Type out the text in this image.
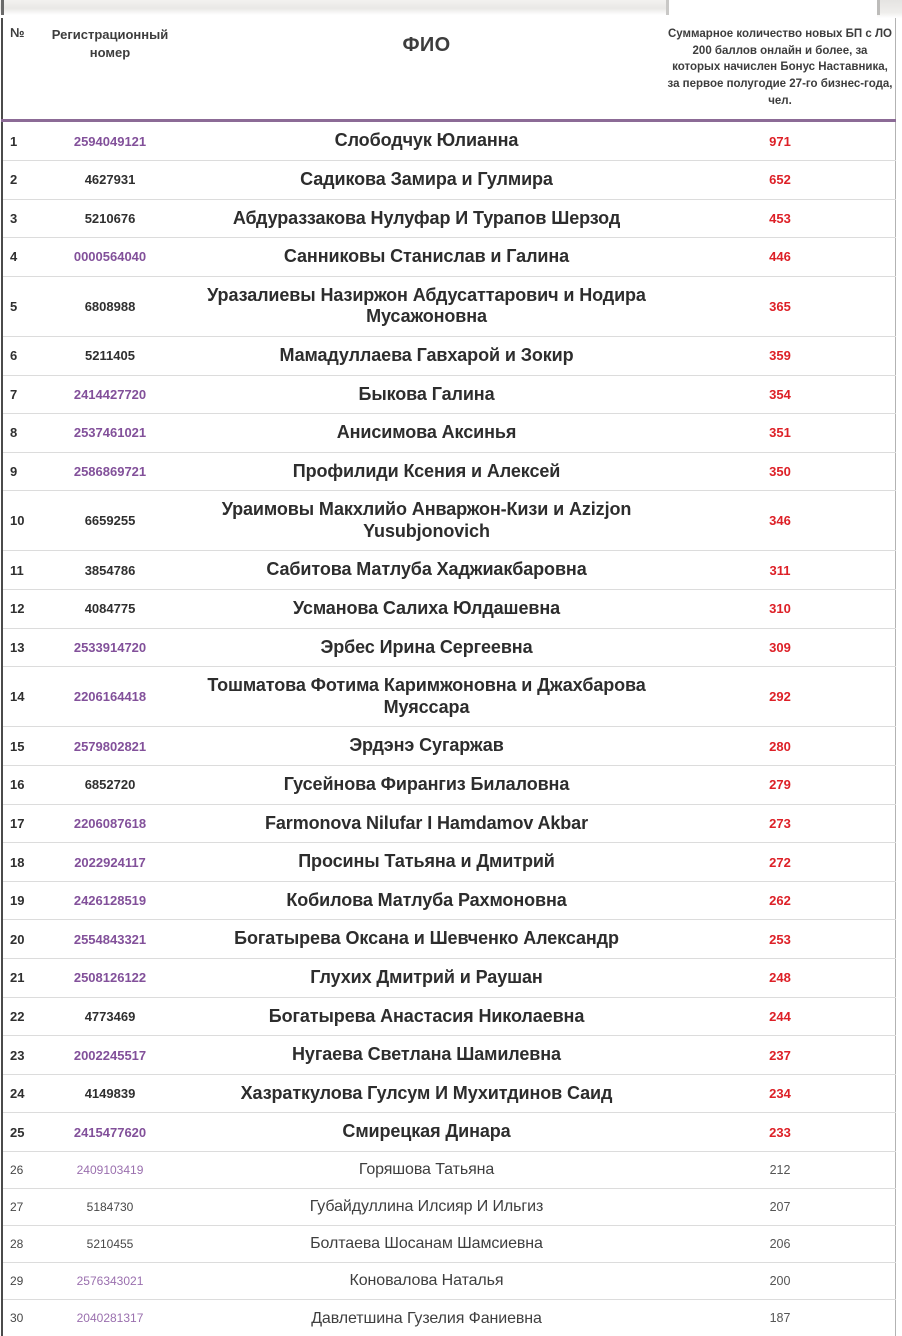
№	Регистрационный номер	ФИО	Суммарное количество новых БП с ЛО 200 баллов онлайн и более, за которых начислен Бонус Наставника, за первое полугодие 27-го бизнес-года, чел.
1	2594049121	Слободчук Юлианна	971
2	4627931	Садикова Замира и Гулмира	652
3	5210676	Абдураззакова Нулуфар И Турапов Шерзод	453
4	0000564040	Санниковы Станислав и Галина	446
5	6808988	Уразалиевы Назиржон Абдусаттарович и Нодира Мусажоновна	365
6	5211405	Мамадуллаева Гавхарой и Зокир	359
7	2414427720	Быкова Галина	354
8	2537461021	Анисимова Аксинья	351
9	2586869721	Профилиди Ксения и Алексей	350
10	6659255	Ураимовы Макхлийо Анваржон-Кизи и Azizjon Yusubjonovich	346
11	3854786	Сабитова Матлуба Хаджиакбаровна	311
12	4084775	Усманова Салиха Юлдашевна	310
13	2533914720	Эрбес Ирина Сергеевна	309
14	2206164418	Тошматова Фотима Каримжоновна и Джахбарова Муяссара	292
15	2579802821	Эрдэнэ Сугаржав	280
16	6852720	Гусейнова Фирангиз Билаловна	279
17	2206087618	Farmonova Nilufar I Hamdamov Akbar	273
18	2022924117	Просины Татьяна и Дмитрий	272
19	2426128519	Кобилова Матлуба Рахмоновна	262
20	2554843321	Богатырева Оксана и Шевченко Александр	253
21	2508126122	Глухих Дмитрий и Раушан	248
22	4773469	Богатырева Анастасия Николаевна	244
23	2002245517	Нугаева Светлана Шамилевна	237
24	4149839	Хазраткулова Гулсум И Мухитдинов Саид	234
25	2415477620	Смирецкая Динара	233
26	2409103419	Горяшова Татьяна	212
27	5184730	Губайдуллина Илсияр И Ильгиз	207
28	5210455	Болтаева Шосанам Шамсиевна	206
29	2576343021	Коновалова Наталья	200
30	2040281317	Давлетшина Гузелия Фаниевна	187
